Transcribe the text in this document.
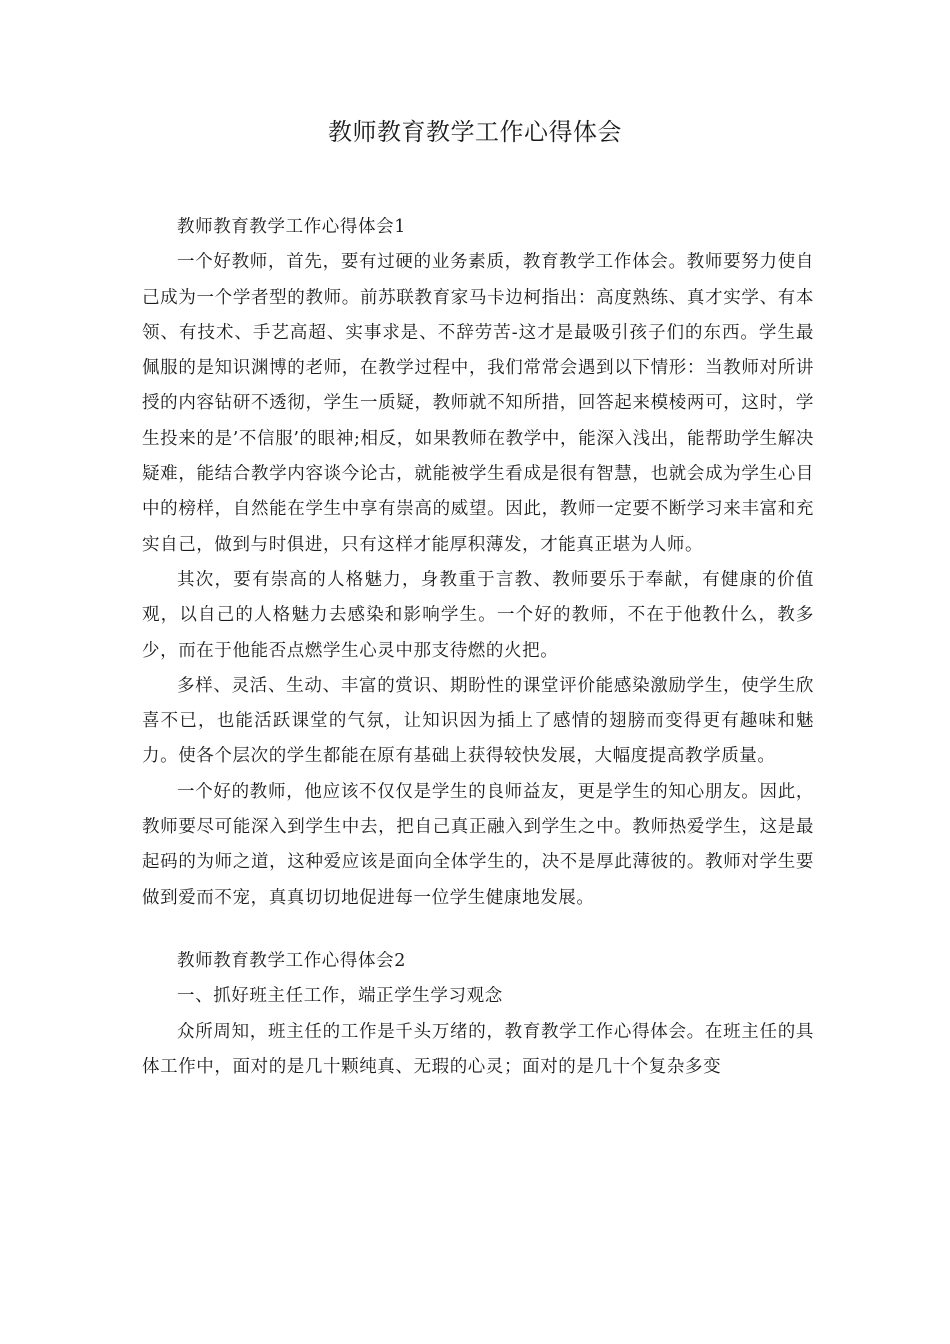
教师教育教学工作心得体会

教师教育教学工作心得体会1

一个好教师，首先，要有过硬的业务素质，教育教学工作体会。教师要努力使自己成为一个学者型的教师。前苏联教育家马卡边柯指出：高度熟练、真才实学、有本领、有技术、手艺高超、实事求是、不辞劳苦-这才是最吸引孩子们的东西。学生最佩服的是知识渊博的老师，在教学过程中，我们常常会遇到以下情形：当教师对所讲授的内容钻研不透彻，学生一质疑，教师就不知所措，回答起来模棱两可，这时，学生投来的是’不信服’的眼神;相反，如果教师在教学中，能深入浅出，能帮助学生解决疑难，能结合教学内容谈今论古，就能被学生看成是很有智慧，也就会成为学生心目中的榜样，自然能在学生中享有崇高的威望。因此，教师一定要不断学习来丰富和充实自己，做到与时俱进，只有这样才能厚积薄发，才能真正堪为人师。

其次，要有崇高的人格魅力，身教重于言教、教师要乐于奉献，有健康的价值观，以自己的人格魅力去感染和影响学生。一个好的教师，不在于他教什么，教多少，而在于他能否点燃学生心灵中那支待燃的火把。

多样、灵活、生动、丰富的赏识、期盼性的课堂评价能感染激励学生，使学生欣喜不已，也能活跃课堂的气氛，让知识因为插上了感情的翅膀而变得更有趣味和魅力。使各个层次的学生都能在原有基础上获得较快发展，大幅度提高教学质量。

一个好的教师，他应该不仅仅是学生的良师益友，更是学生的知心朋友。因此，教师要尽可能深入到学生中去，把自己真正融入到学生之中。教师热爱学生，这是最起码的为师之道，这种爱应该是面向全体学生的，决不是厚此薄彼的。教师对学生要做到爱而不宠，真真切切地促进每一位学生健康地发展。

教师教育教学工作心得体会2

一、抓好班主任工作，端正学生学习观念

众所周知，班主任的工作是千头万绪的，教育教学工作心得体会。在班主任的具体工作中，面对的是几十颗纯真、无瑕的心灵；面对的是几十个复杂多变
